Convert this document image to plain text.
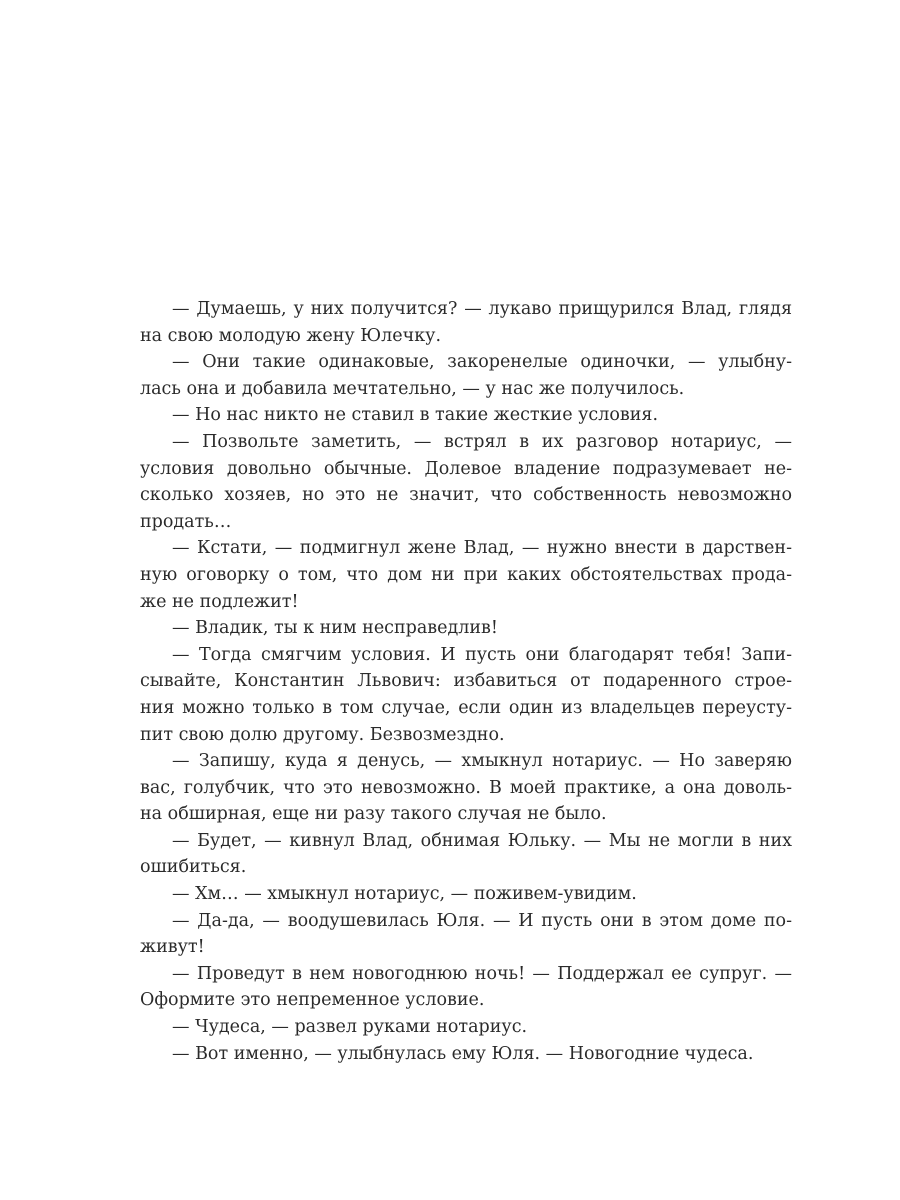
— Думаешь, у них получится? — лукаво прищурился Влад, глядя
на свою молодую жену Юлечку.
— Они такие одинаковые, закоренелые одиночки, — улыбну-
лась она и добавила мечтательно, — у нас же получилось.
— Но нас никто не ставил в такие жесткие условия.
— Позвольте заметить, — встрял в их разговор нотариус, —
условия довольно обычные. Долевое владение подразумевает не-
сколько хозяев, но это не значит, что собственность невозможно
продать…
— Кстати, — подмигнул жене Влад, — нужно внести в дарствен-
ную оговорку о том, что дом ни при каких обстоятельствах прода-
же не подлежит!
— Владик, ты к ним несправедлив!
— Тогда смягчим условия. И пусть они благодарят тебя! Запи-
сывайте, Константин Львович: избавиться от подаренного строе-
ния можно только в том случае, если один из владельцев переусту-
пит свою долю другому. Безвозмездно.
— Запишу, куда я денусь, — хмыкнул нотариус. — Но заверяю
вас, голубчик, что это невозможно. В моей практике, а она доволь-
на обширная, еще ни разу такого случая не было.
— Будет, — кивнул Влад, обнимая Юльку. — Мы не могли в них
ошибиться.
— Хм… — хмыкнул нотариус, — поживем-увидим.
— Да-да, — воодушевилась Юля. — И пусть они в этом доме по-
живут!
— Проведут в нем новогоднюю ночь! — Поддержал ее супруг. —
Оформите это непременное условие.
— Чудеса, — развел руками нотариус.
— Вот именно, — улыбнулась ему Юля. — Новогодние чудеса.
